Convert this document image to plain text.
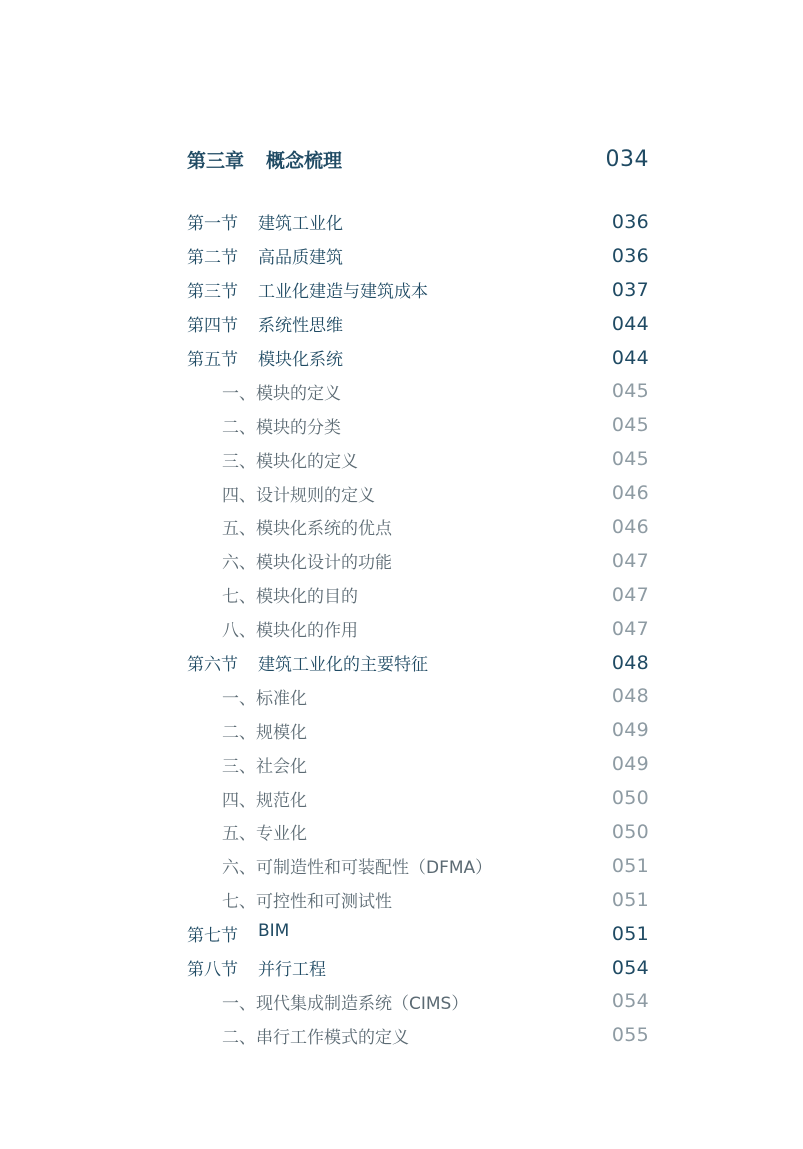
第三章 概念梳理	034
第一节	建筑工业化	036
第二节	高品质建筑	036
第三节	工业化建造与建筑成本	037
第四节	系统性思维	044
第五节	模块化系统	044
一、模块的定义	045
二、模块的分类	045
三、模块化的定义	045
四、设计规则的定义	046
五、模块化系统的优点	046
六、模块化设计的功能	047
七、模块化的目的	047
八、模块化的作用	047
第六节	建筑工业化的主要特征	048
一、标准化	048
二、规模化	049
三、社会化	049
四、规范化	050
五、专业化	050
六、可制造性和可装配性（DFMA）	051
七、可控性和可测试性	051
第七节	BIM	051
第八节	并行工程	054
一、现代集成制造系统（CIMS）	054
二、串行工作模式的定义	055
